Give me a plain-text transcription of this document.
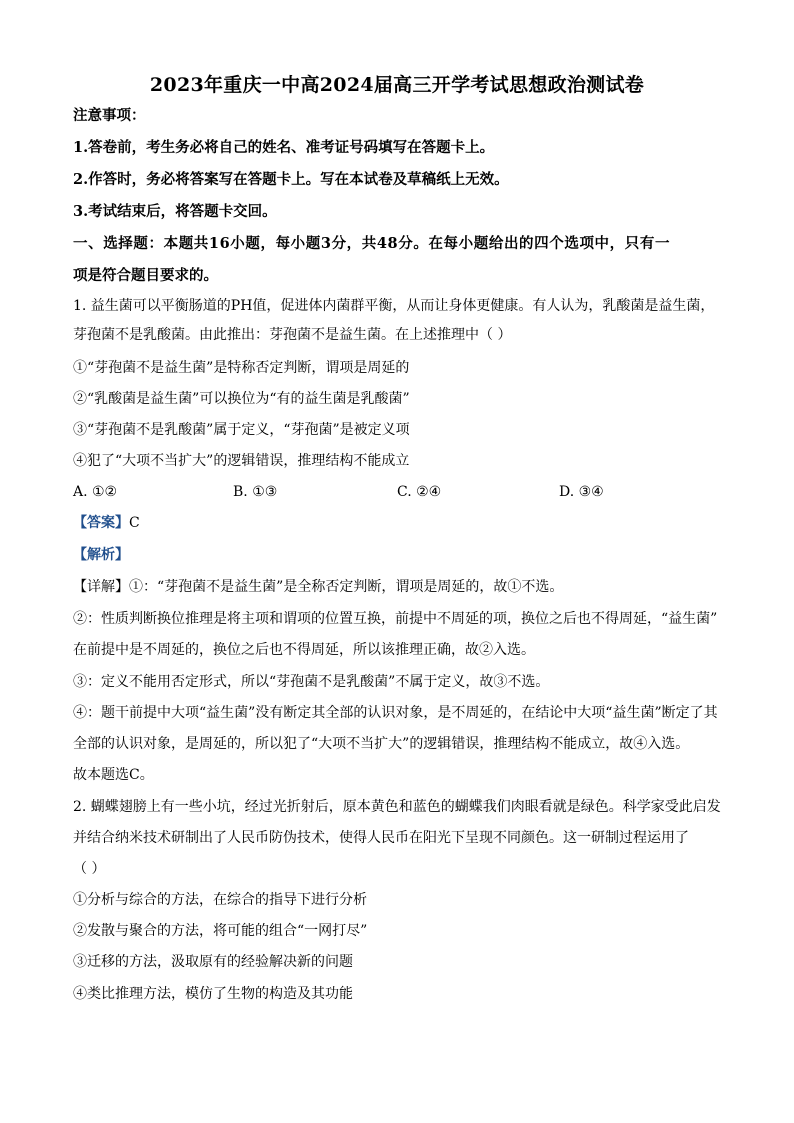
2023年重庆一中高2024届高三开学考试思想政治测试卷
注意事项：
1.答卷前，考生务必将自己的姓名、准考证号码填写在答题卡上。
2.作答时，务必将答案写在答题卡上。写在本试卷及草稿纸上无效。
3.考试结束后，将答题卡交回。
一、选择题：本题共16小题，每小题3分，共48分。在每小题给出的四个选项中，只有一
项是符合题目要求的。
1. 益生菌可以平衡肠道的PH值，促进体内菌群平衡，从而让身体更健康。有人认为，乳酸菌是益生菌，
芽孢菌不是乳酸菌。由此推出：芽孢菌不是益生菌。在上述推理中（ ）
①“芽孢菌不是益生菌”是特称否定判断，谓项是周延的
②“乳酸菌是益生菌”可以换位为“有的益生菌是乳酸菌”
③“芽孢菌不是乳酸菌”属于定义，“芽孢菌”是被定义项
④犯了“大项不当扩大”的逻辑错误，推理结构不能成立
A. ①②	B. ①③	C. ②④	D. ③④
【答案】C
【解析】
【详解】①：“芽孢菌不是益生菌”是全称否定判断，谓项是周延的，故①不选。
②：性质判断换位推理是将主项和谓项的位置互换，前提中不周延的项，换位之后也不得周延，“益生菌”
在前提中是不周延的，换位之后也不得周延，所以该推理正确，故②入选。
③：定义不能用否定形式，所以“芽孢菌不是乳酸菌”不属于定义，故③不选。
④：题干前提中大项“益生菌”没有断定其全部的认识对象，是不周延的，在结论中大项“益生菌”断定了其
全部的认识对象，是周延的，所以犯了“大项不当扩大”的逻辑错误，推理结构不能成立，故④入选。
故本题选C。
2. 蝴蝶翅膀上有一些小坑，经过光折射后，原本黄色和蓝色的蝴蝶我们肉眼看就是绿色。科学家受此启发
并结合纳米技术研制出了人民币防伪技术，使得人民币在阳光下呈现不同颜色。这一研制过程运用了
（ ）
①分析与综合的方法，在综合的指导下进行分析
②发散与聚合的方法，将可能的组合“一网打尽”
③迁移的方法，汲取原有的经验解决新的问题
④类比推理方法，模仿了生物的构造及其功能
